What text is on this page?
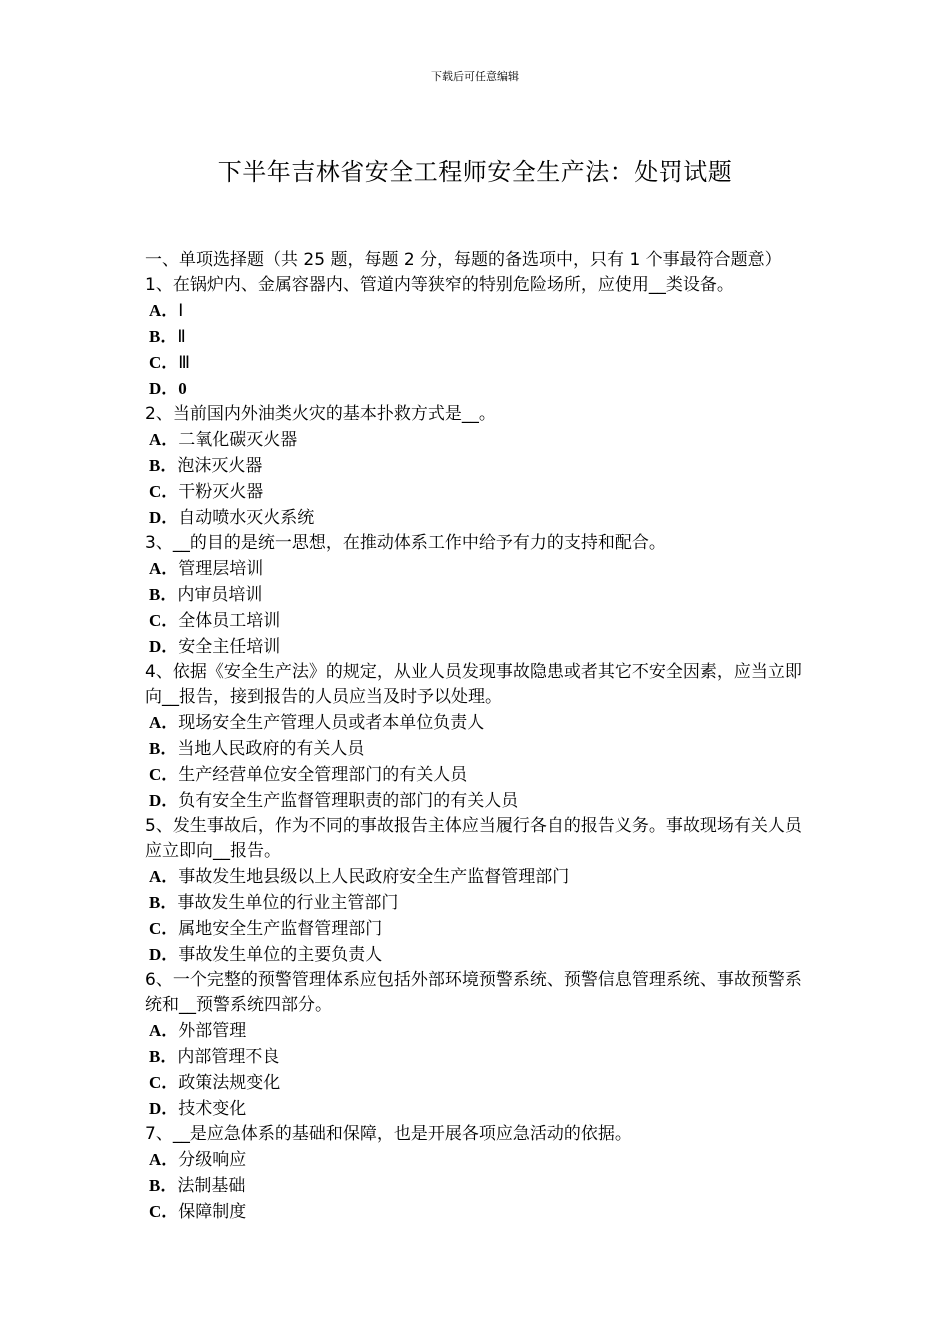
下载后可任意编辑
下半年吉林省安全工程师安全生产法：处罚试题
一、单项选择题（共 25 题，每题 2 分，每题的备选项中，只有 1 个事最符合题意）
1、在锅炉内、金属容器内、管道内等狭窄的特别危险场所，应使用__类设备。
A．Ⅰ
B．Ⅱ
C．Ⅲ
D．0
2、当前国内外油类火灾的基本扑救方式是__。
A．二氧化碳灭火器
B．泡沫灭火器
C．干粉灭火器
D．自动喷水灭火系统
3、__的目的是统一思想，在推动体系工作中给予有力的支持和配合。
A．管理层培训
B．内审员培训
C．全体员工培训
D．安全主任培训
4、依据《安全生产法》的规定，从业人员发现事故隐患或者其它不安全因素，应当立即向__报告，接到报告的人员应当及时予以处理。
A．现场安全生产管理人员或者本单位负责人
B．当地人民政府的有关人员
C．生产经营单位安全管理部门的有关人员
D．负有安全生产监督管理职责的部门的有关人员
5、发生事故后，作为不同的事故报告主体应当履行各自的报告义务。事故现场有关人员应立即向__报告。
A．事故发生地县级以上人民政府安全生产监督管理部门
B．事故发生单位的行业主管部门
C．属地安全生产监督管理部门
D．事故发生单位的主要负责人
6、一个完整的预警管理体系应包括外部环境预警系统、预警信息管理系统、事故预警系统和__预警系统四部分。
A．外部管理
B．内部管理不良
C．政策法规变化
D．技术变化
7、__是应急体系的基础和保障，也是开展各项应急活动的依据。
A．分级响应
B．法制基础
C．保障制度
